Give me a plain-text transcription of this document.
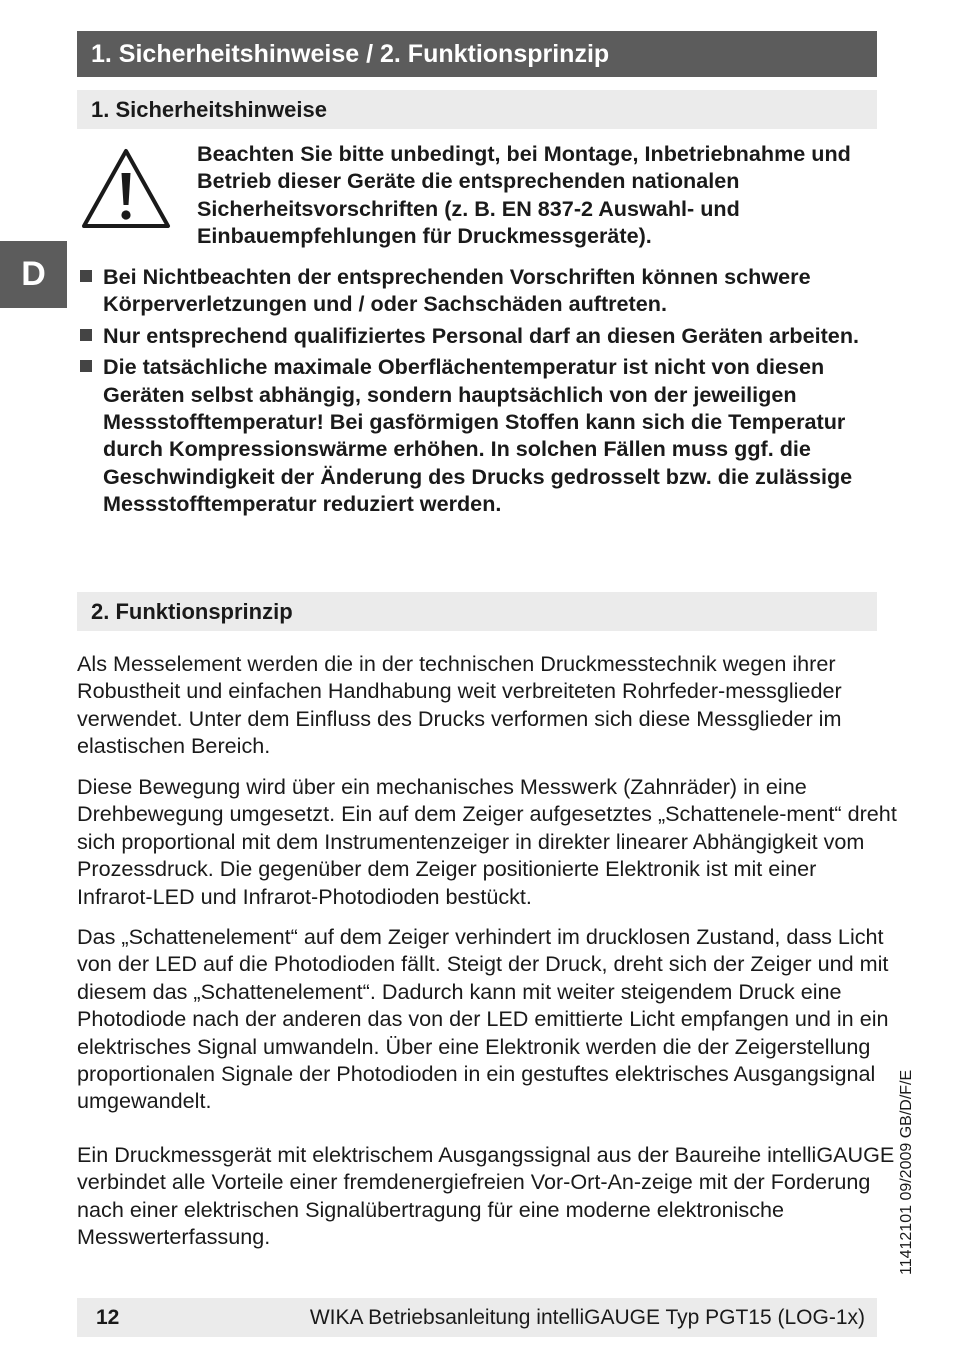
1. Sicherheitshinweise / 2. Funktionsprinzip
1. Sicherheitshinweise
D

Beachten Sie bitte unbedingt, bei Montage, Inbetriebnahme und Betrieb dieser Geräte die entsprechenden nationalen Sicherheitsvorschriften (z. B. EN 837-2 Auswahl- und Einbauempfehlungen für Druckmessgeräte).

Bei Nichtbeachten der entsprechenden Vorschriften können schwere Körperverletzungen und / oder Sachschäden auftreten.
Nur entsprechend qualifiziertes Personal darf an diesen Geräten arbeiten.
Die tatsächliche maximale Oberflächentemperatur ist nicht von diesen Geräten selbst abhängig, sondern hauptsächlich von der jeweiligen Messstofftemperatur! Bei gasförmigen Stoffen kann sich die Temperatur durch Kompressionswärme erhöhen. In solchen Fällen muss ggf. die Geschwindigkeit der Änderung des Drucks gedrosselt bzw. die zulässige Messstofftemperatur reduziert werden.
2. Funktionsprinzip

Als Messelement werden die in der technischen Druckmesstechnik wegen ihrer Robustheit und einfachen Handhabung weit verbreiteten Rohrfeder-messglieder verwendet. Unter dem Einfluss des Drucks verformen sich diese Messglieder im elastischen Bereich.

Diese Bewegung wird über ein mechanisches Messwerk (Zahnräder) in eine Drehbewegung umgesetzt. Ein auf dem Zeiger aufgesetztes „Schattenele-ment“ dreht sich proportional mit dem Instrumentenzeiger in direkter linearer Abhängigkeit vom Prozessdruck. Die gegenüber dem Zeiger positionierte Elektronik ist mit einer Infrarot-LED und Infrarot-Photodioden bestückt.

Das „Schattenelement“ auf dem Zeiger verhindert im drucklosen Zustand, dass Licht von der LED auf die Photodioden fällt. Steigt der Druck, dreht sich der Zeiger und mit diesem das „Schattenelement“. Dadurch kann mit weiter steigendem Druck eine Photodiode nach der anderen das von der LED emittierte Licht empfangen und in ein elektrisches Signal umwandeln. Über eine Elektronik werden die der Zeigerstellung proportionalen Signale der Photodioden in ein gestuftes elektrisches Ausgangsignal umgewandelt.

Ein Druckmessgerät mit elektrischem Ausgangssignal aus der Baureihe intelliGAUGE verbindet alle Vorteile einer fremdenergiefreien Vor-Ort-An-zeige mit der Forderung nach einer elektrischen Signalübertragung für eine moderne elektronische Messwerterfassung.	11412101 09/2009 GB/D/F/E
12	WIKA Betriebsanleitung intelliGAUGE Typ PGT15 (LOG-1x)
